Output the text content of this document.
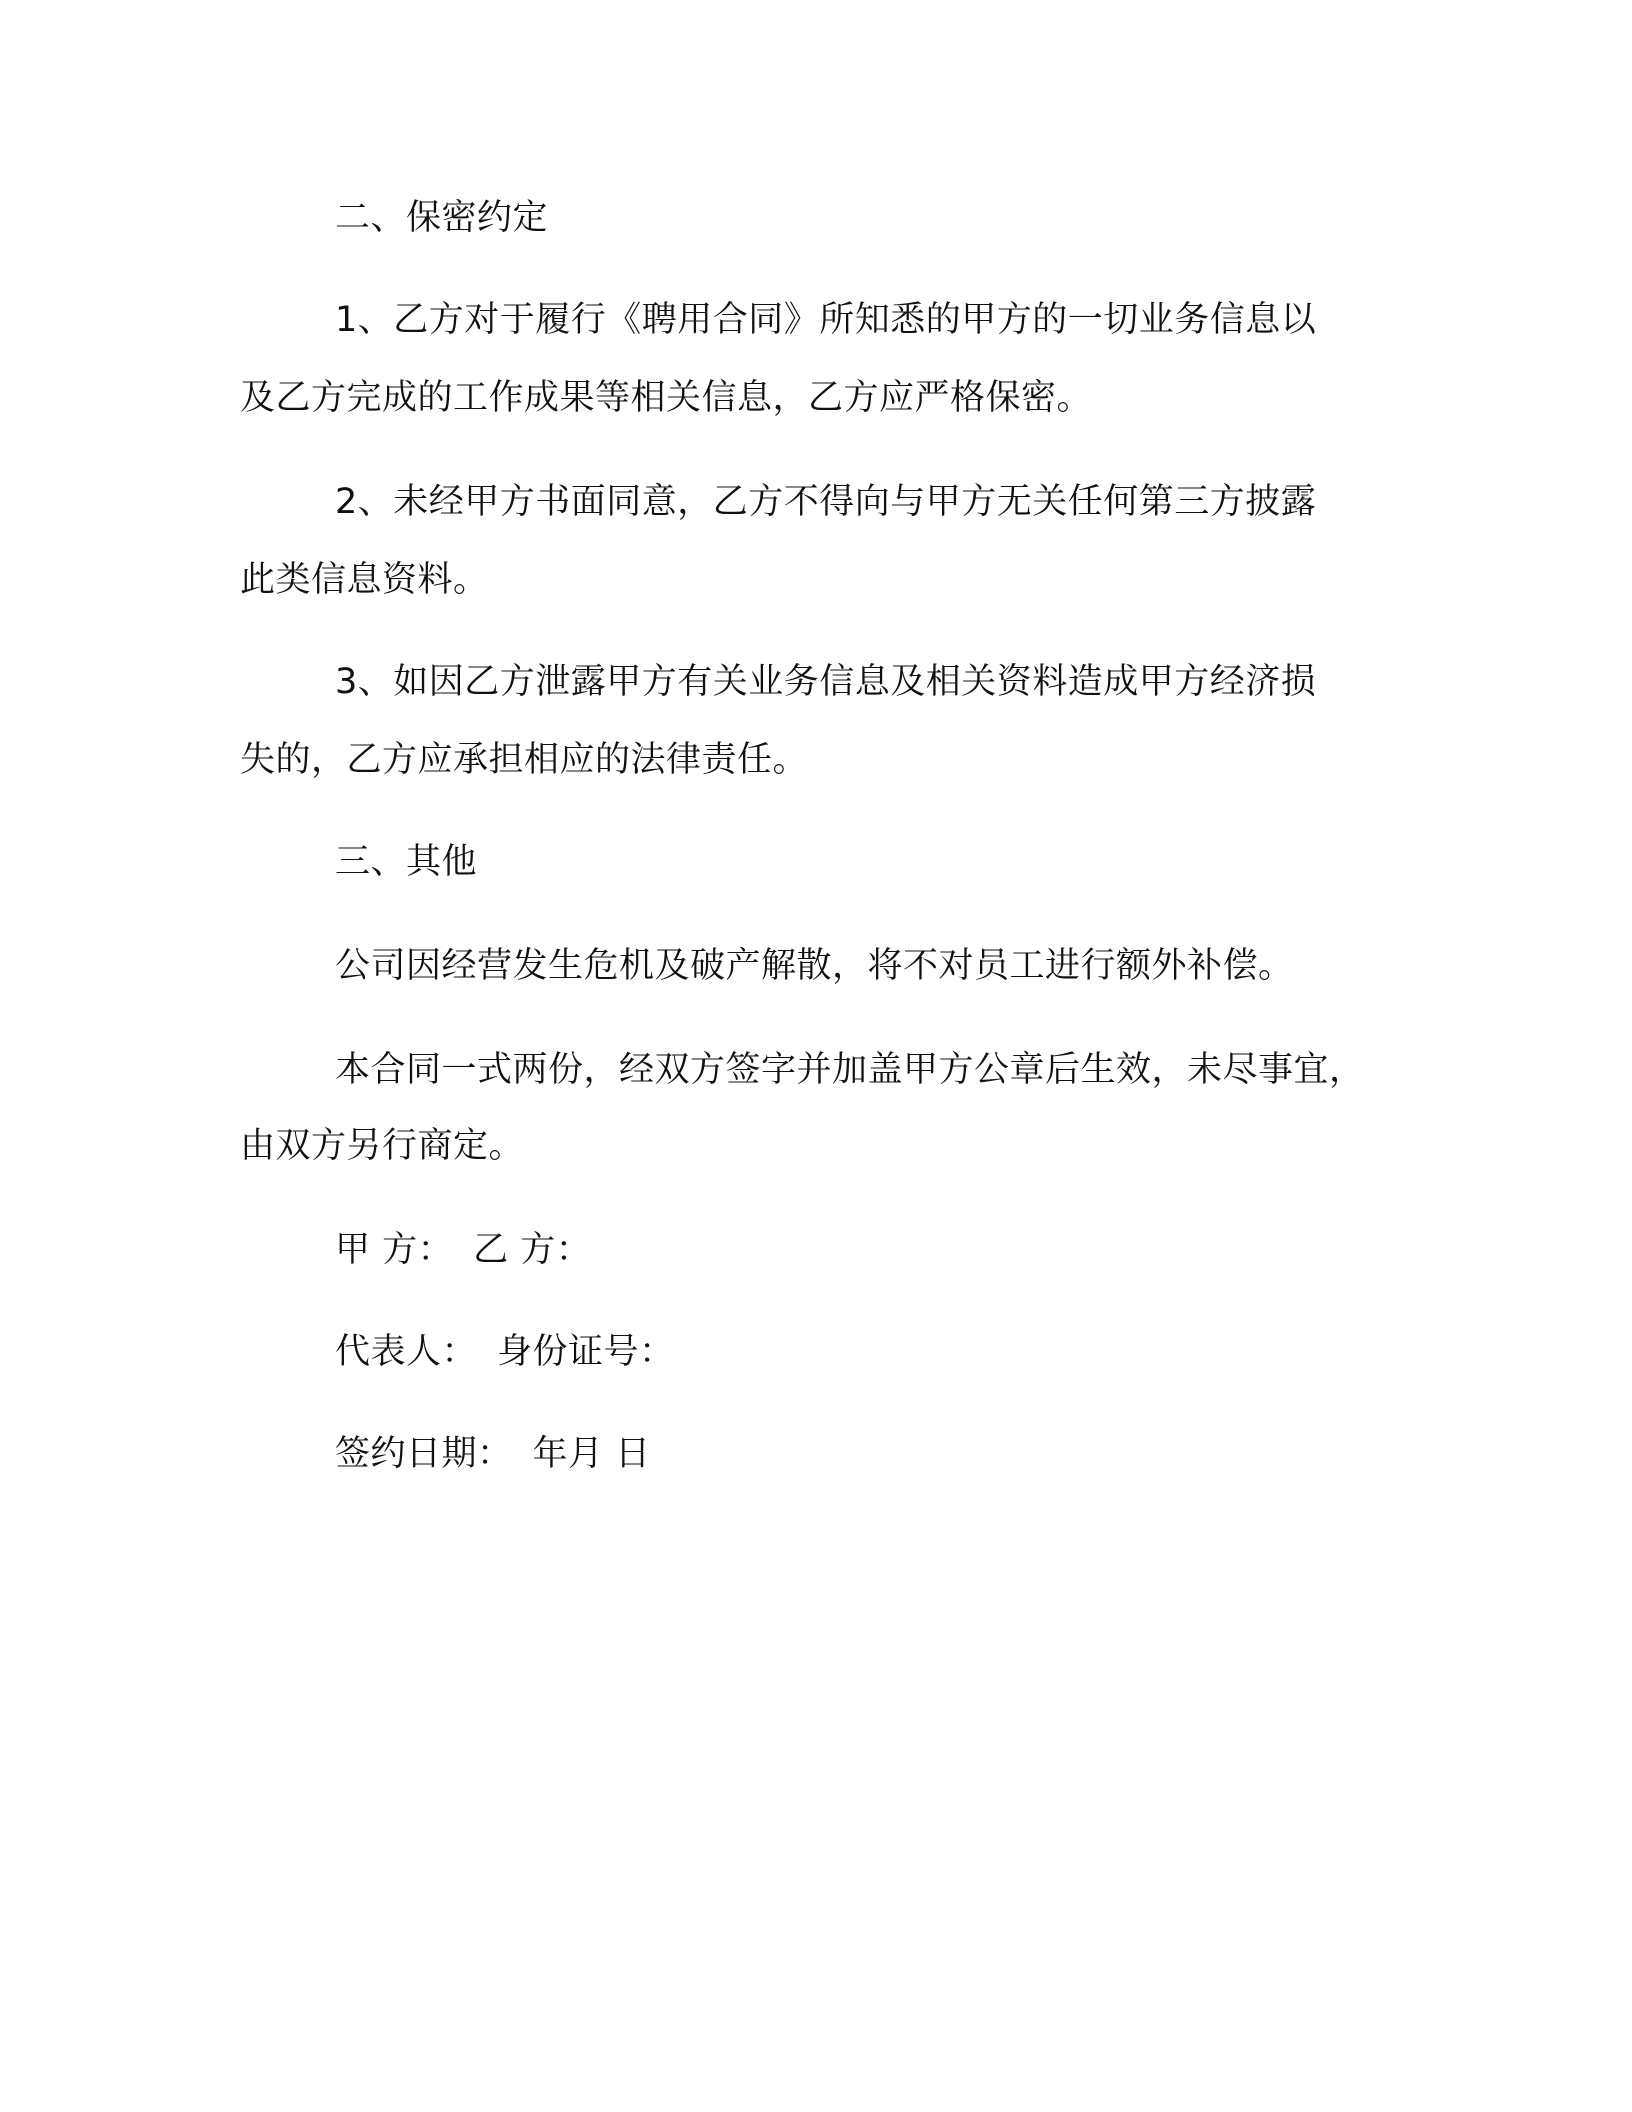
二、保密约定

1、乙方对于履行《聘用合同》所知悉的甲方的一切业务信息以

及乙方完成的工作成果等相关信息，乙方应严格保密。

2、未经甲方书面同意，乙方不得向与甲方无关任何第三方披露

此类信息资料。

3、如因乙方泄露甲方有关业务信息及相关资料造成甲方经济损

失的，乙方应承担相应的法律责任。

三、其他

公司因经营发生危机及破产解散，将不对员工进行额外补偿。

本合同一式两份，经双方签字并加盖甲方公章后生效，未尽事宜，

由双方另行商定。

甲 方： 乙 方：

代表人： 身份证号：

签约日期： 年月 日
